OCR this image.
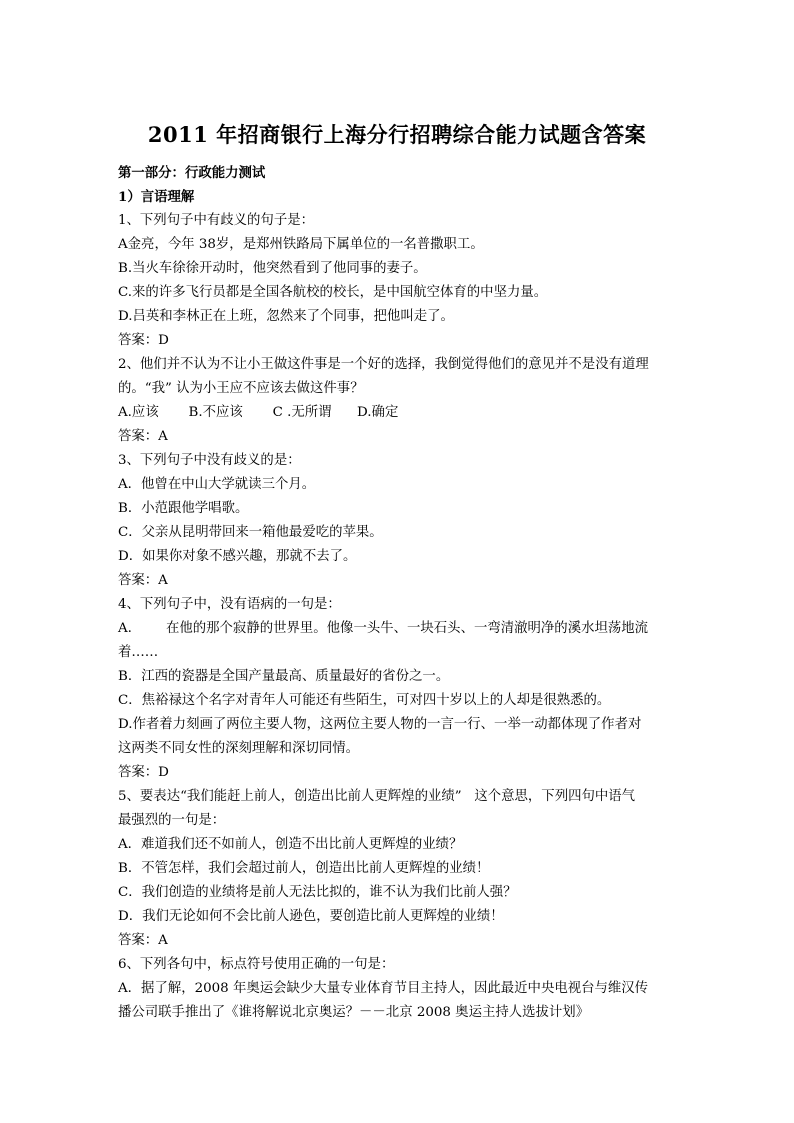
2011 年招商银行上海分行招聘综合能力试题含答案
第一部分：行政能力测试
1）言语理解
1、下列句子中有歧义的句子是：
A金亮，今年 38岁，是郑州铁路局下属单位的一名普撒职工。
B.当火车徐徐开动时，他突然看到了他同事的妻子。
C.来的许多飞行员都是全国各航校的校长，是中国航空体育的中坚力量。
D.吕英和李林正在上班，忽然来了个同事，把他叫走了。
答案：D
2、他们并不认为不让小王做这件事是一个好的选择，我倒觉得他们的意见并不是没有道理
的。“我” 认为小王应不应该去做这件事？
A.应该       B.不应该       C .无所谓      D.确定
答案：A
3、下列句子中没有歧义的是：
A．他曾在中山大学就读三个月。
B．小范跟他学唱歌。
C．父亲从昆明带回来一箱他最爱吃的苹果。
D．如果你对象不感兴趣，那就不去了。
答案：A
4、下列句子中，没有语病的一句是：
A.        在他的那个寂静的世界里。他像一头牛、一块石头、一弯清澈明净的溪水坦荡地流
着……
B．江西的瓷器是全国产量最高、质量最好的省份之一。
C．焦裕禄这个名字对青年人可能还有些陌生，可对四十岁以上的人却是很熟悉的。
D.作者着力刻画了两位主要人物，这两位主要人物的一言一行、一举一动都体现了作者对
这两类不同女性的深刻理解和深切同情。
答案：D
5、要表达“我们能赶上前人，创造出比前人更辉煌的业绩”   这个意思，下列四句中语气
最强烈的一句是：
A．难道我们还不如前人，创造不出比前人更辉煌的业绩？
B．不管怎样，我们会超过前人，创造出比前人更辉煌的业绩！
C．我们创造的业绩将是前人无法比拟的，谁不认为我们比前人强？
D．我们无论如何不会比前人逊色，要创造比前人更辉煌的业绩！
答案：A
6、下列各句中，标点符号使用正确的一句是：
A．据了解，2008 年奥运会缺少大量专业体育节目主持人，因此最近中央电视台与维汉传
播公司联手推出了《谁将解说北京奥运？－－北京 2008 奥运主持人选拔计划》
